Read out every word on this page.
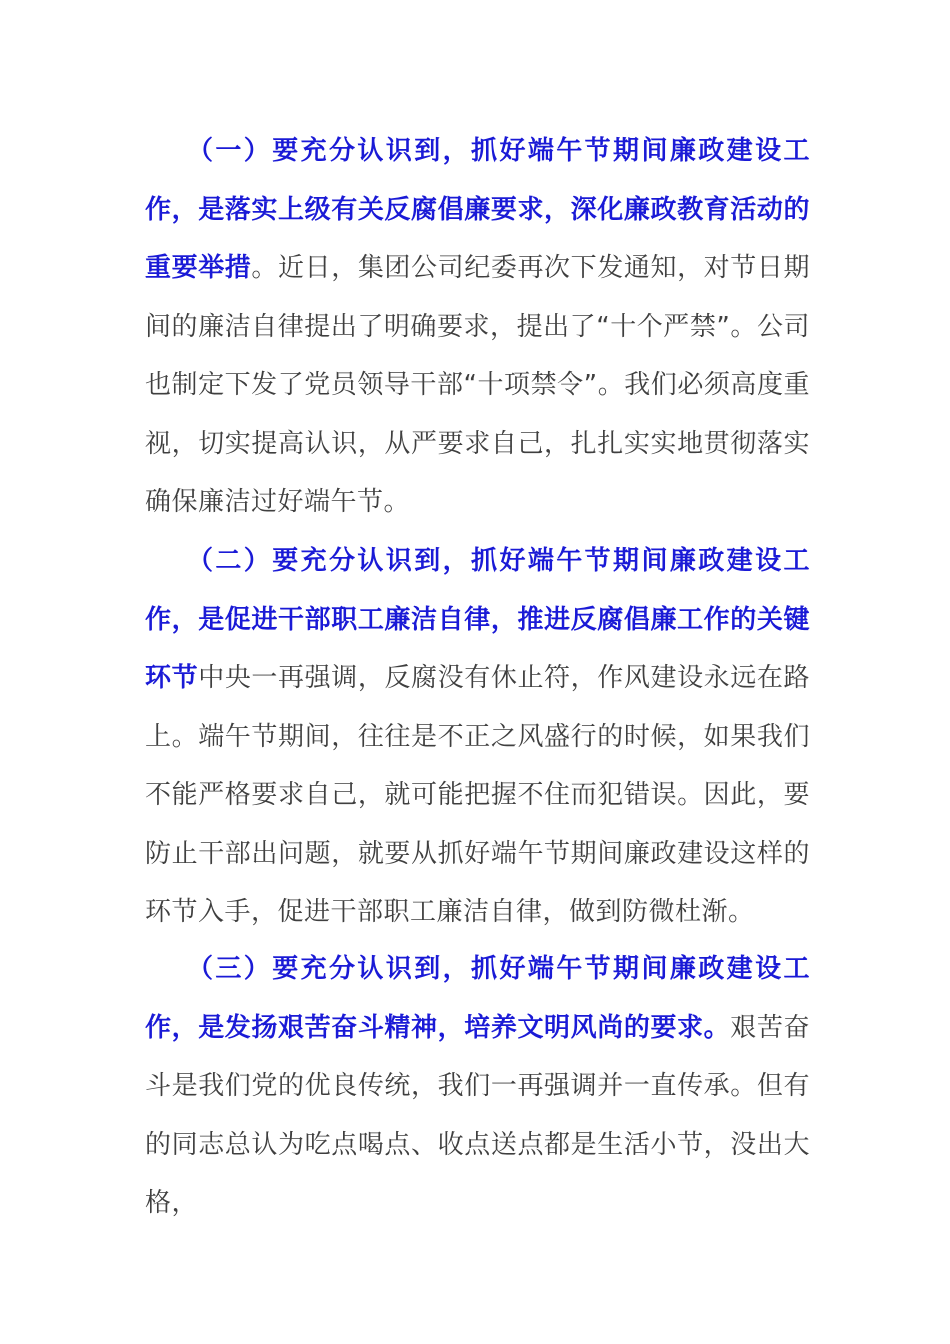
（一）要充分认识到，抓好端午节期间廉政建设工作，是落实上级有关反腐倡廉要求，深化廉政教育活动的重要举措。近日，集团公司纪委再次下发通知，对节日期间的廉洁自律提出了明确要求，提出了“十个严禁”。公司也制定下发了党员领导干部“十项禁令”。我们必须高度重视，切实提高认识，从严要求自己，扎扎实实地贯彻落实确保廉洁过好端午节。

（二）要充分认识到，抓好端午节期间廉政建设工作，是促进干部职工廉洁自律，推进反腐倡廉工作的关键环节中央一再强调，反腐没有休止符，作风建设永远在路上。端午节期间，往往是不正之风盛行的时候，如果我们不能严格要求自己，就可能把握不住而犯错误。因此，要防止干部出问题，就要从抓好端午节期间廉政建设这样的环节入手，促进干部职工廉洁自律，做到防微杜渐。

（三）要充分认识到，抓好端午节期间廉政建设工作，是发扬艰苦奋斗精神，培养文明风尚的要求。艰苦奋斗是我们党的优良传统，我们一再强调并一直传承。但有的同志总认为吃点喝点、收点送点都是生活小节，没出大格，
